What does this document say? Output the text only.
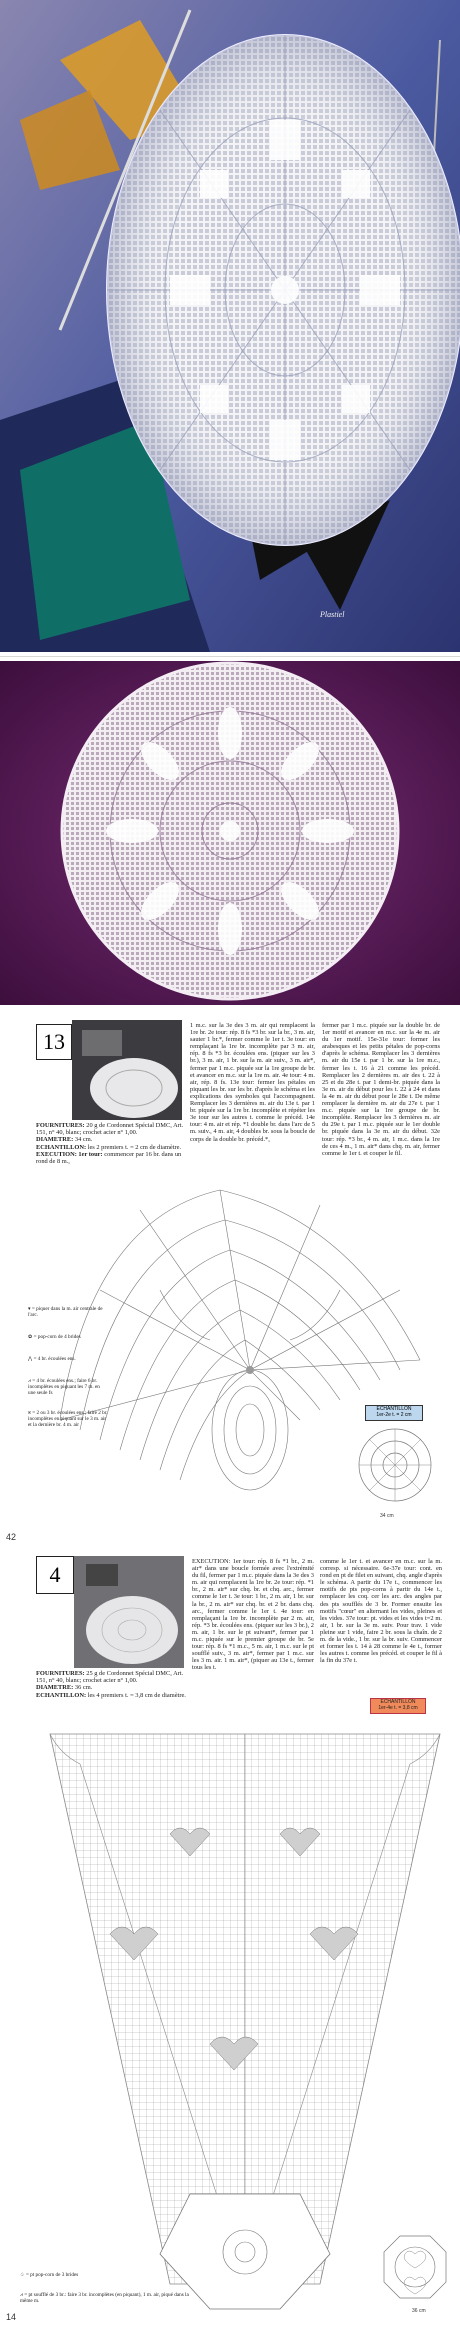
Plastiel
13
FOURNITURES: 20 g de Cordonnet Spécial DMC, Art. 151, n° 40, blanc; crochet acier n° 1,00.
DIAMETRE: 34 cm.
ECHANTILLON: les 2 premiers t. = 2 cm de diamètre.
EXECUTION: 1er tour: commencer par 16 br. dans un rond de 8 m.,
1 m.c. sur la 3e des 3 m. air qui remplacent la 1re br. 2e tour: rép. 8 fs *3 br. sur la br., 3 m. air, sauter 1 br.*, fermer comme le 1er t. 3e tour: en remplaçant la 1re br. incomplète par 3 m. air, rép. 8 fs *3 br. écoulées ens. (piquer sur les 3 br.), 3 m. air, 1 br. sur la m. air suiv., 3 m. air*, fermer par 1 m.c. piquée sur la 1re groupe de br. et avancer en m.c. sur la 1re m. air. 4e tour: 4 m. air, rép. 8 fs. 13e tour: fermer les pétales en piquant les br. sur les br. d'après le schéma et les explications des symboles qui l'accompagnent. Remplacer les 3 dernières m. air du 13e t. par 1 br. piquée sur la 1re br. incomplète et répéter les 3e tour sur les autres t. comme le précéd. 14e tour: 4 m. air et rép. *1 double br. dans l'arc de 5 m. suiv., 4 m. air, 4 doubles br. sous la boucle de corps de la double br. précéd.*,
fermer par 1 m.c. piquée sur la double br. de 1er motif et avancer en m.c. sur la 4e m. air du 1er motif. 15e-31e tour: former les arabesques et les petits pétales de pop-corns d'après le schéma. Remplacer les 3 dernières m. air du 15e t. par 1 br. sur la 1re m.c., fermer les t. 16 à 21 comme les précéd. Remplacer les 2 dernières m. air des t. 22 à 25 et du 28e t. par 1 demi-br. piquée dans la 3e m. air du début pour les t. 22 à 24 et dans la 4e m. air du début pour le 28e t. De même remplacer la dernière m. air du 27e t. par 1 m.c. piquée sur la 1re groupe de br. incomplète. Remplacer les 3 dernières m. air du 29e t. par 1 m.c. piquée sur le 1er double br. piquée dans la 3e m. air du début. 32e tour: rép. *3 br., 4 m. air, 1 m.c. dans la 1re de ces 4 m., 1 m. air* dans chq. m. air, fermer comme le 1er t. et couper le fil.
▾ = piquer dans la m. air centrale de l'arc.
✿ = pop-corn de 4 brides
⋀ = 4 br. écoulées ens.
⩘ = 4 br. écoulées ens.; faire 6 br. incomplètes en piquant les 7 m. en une seule fs
⩙ = 2 ou 3 br. écoulées ens.; faire 2 br. incomplètes en piquant sur le 3 m. air et la dernière br. 4 m. air
ECHANTILLON
1er-2e t. = 2 cm
34 cm
42
4
FOURNITURES: 25 g de Cordonnet Spécial DMC, Art. 151, n° 40, blanc; crochet acier n° 1,00.
DIAMETRE: 36 cm.
ECHANTILLON: les 4 premiers t. = 3,8 cm de diamètre.
EXECUTION: 1er tour: rép. 8 fs *1 br., 2 m. air* dans une boucle formée avec l'extrémité du fil, fermer par 1 m.c. piquée dans la 3e des 3 m. air qui remplacent la 1re br. 2e tour: rép. *1 br., 2 m. air* sur chq. br. et chq. arc., fermer comme le 1er t. 3e tour: 1 br., 2 m. air, 1 br. sur la br., 2 m. air* sur chq. br. et 2 br. dans chq. arc., fermer comme le 1er t. 4e tour: en remplaçant la 1re br. incomplète par 2 m. air, rép. *3 br. écoulées ens. (piquer sur les 3 br.), 2 m. air, 1 br. sur le pt suivant*, fermer par 1 m.c. piquée sur le premier groupe de br. 5e tour: rép. 8 fs *1 m.c., 5 m. air, 1 m.c. sur le pt soufflé suiv., 3 m. air*, fermer par 1 m.c. sur les 3 m. air. 1 m. air*, (piquer au 13e t., fermer tous les t.
comme le 1er t. et avancer en m.c. sur la m. corresp. si nécessaire. 6e-37e tour: cont. en rond en pt de filet en suivant, chq. angle d'après le schéma. A partir du 17e t., commencer les motifs de pts pop-corns à partir du 14e t., remplacer les coq. cer les arc. des angles par des pts soufflés de 3 br. Former ensuite les motifs "cœur" en alternant les vides, pleines et les vides. 37e tour: pt. vides et les vides t=2 m. air, 1 br. sur la 3e m. suiv. Pour trav. 1 vide pleine sur 1 vide, faire 2 br. sous la chaîn. de 2 m. de la vide., 1 br. sur la br. suiv. Commencer et former les t. 14 à 28 comme le 4e t., former les autres t. comme les précéd. et couper le fil à la fin du 37e t.
ECHANTILLON
1er-4e t. = 3,8 cm
♤ = pt pop-corn de 3 brides
⩘ = pt soufflé de 3 br.: faire 3 br. incomplètes (en piquant), 1 m. air, piqué dans la même m.
36 cm
14
